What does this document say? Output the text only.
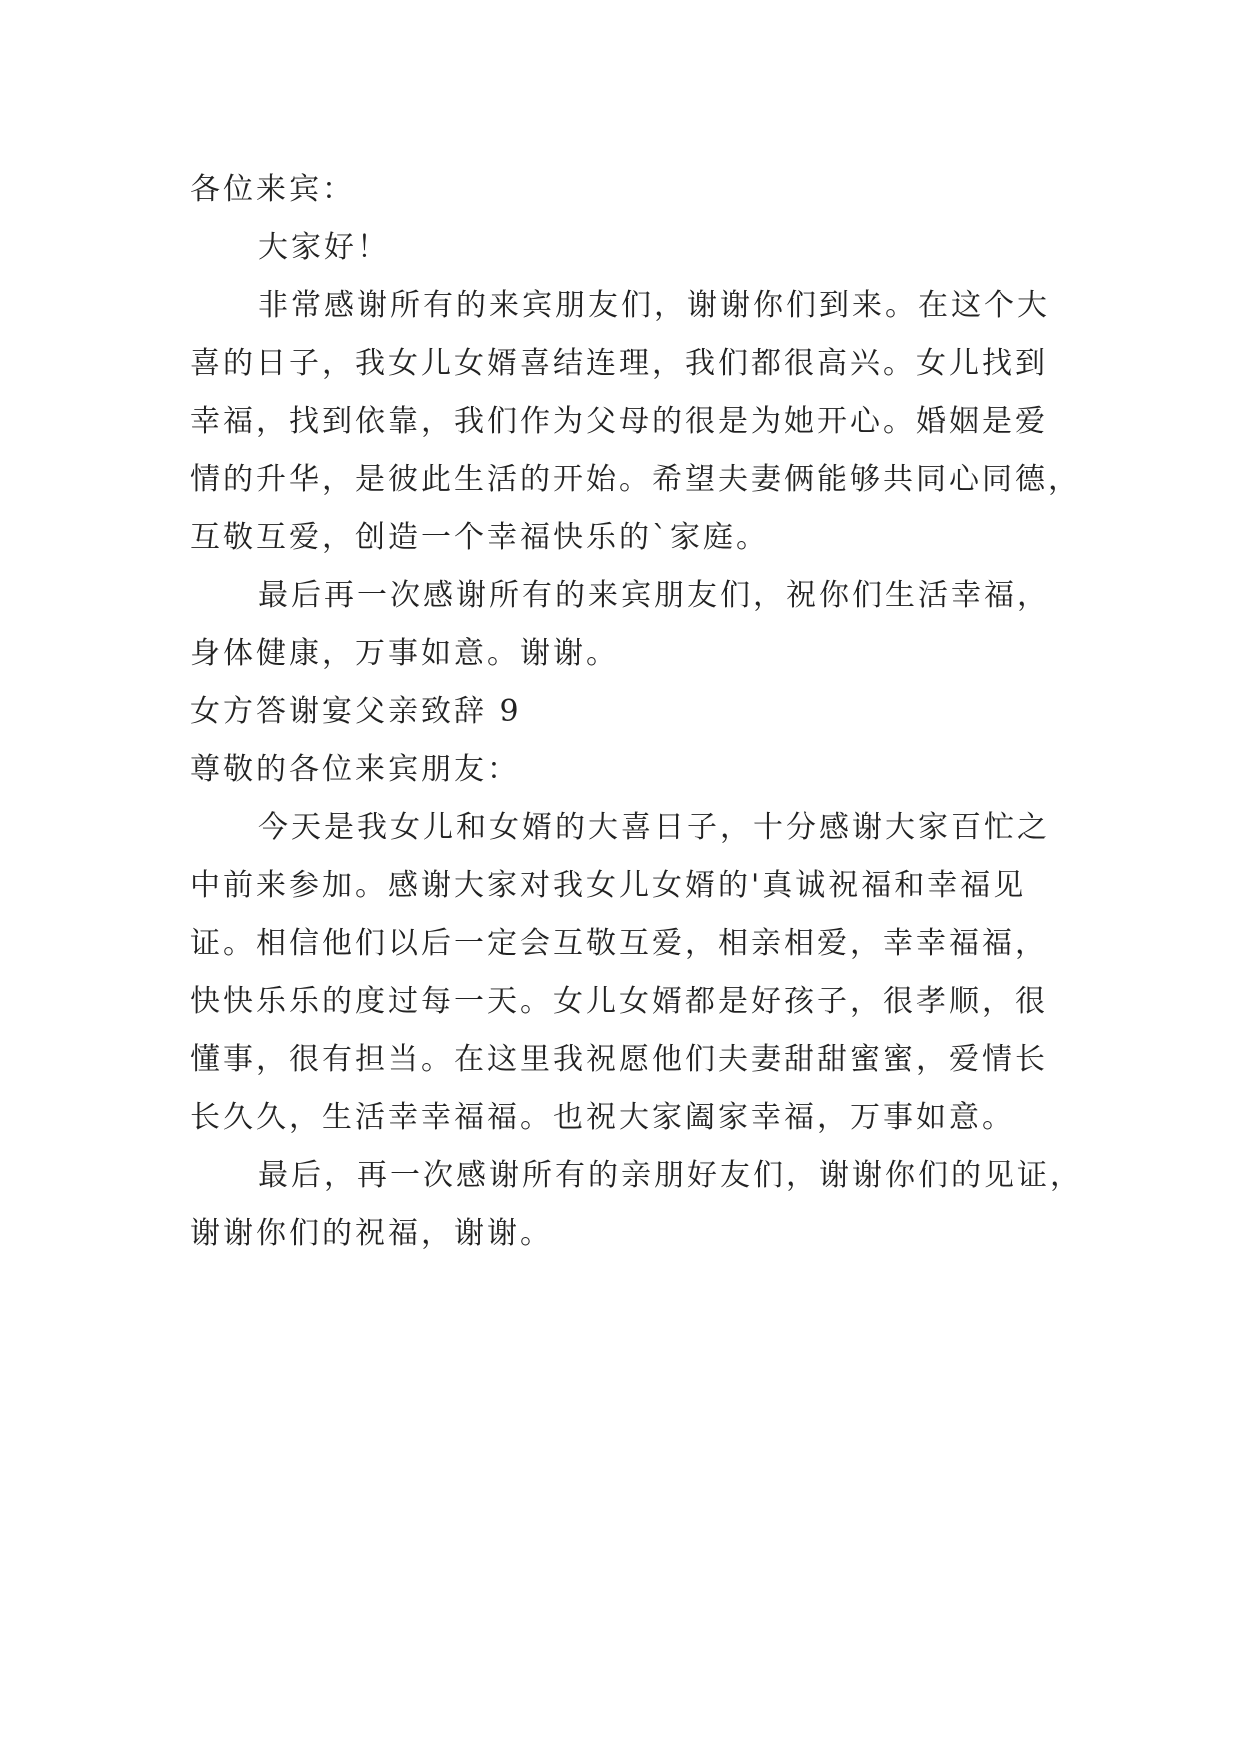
各位来宾：
大家好！
非常感谢所有的来宾朋友们，谢谢你们到来。在这个大
喜的日子，我女儿女婿喜结连理，我们都很高兴。女儿找到
幸福，找到依靠，我们作为父母的很是为她开心。婚姻是爱
情的升华，是彼此生活的开始。希望夫妻俩能够共同心同德，
互敬互爱，创造一个幸福快乐的`家庭。
最后再一次感谢所有的来宾朋友们，祝你们生活幸福，
身体健康，万事如意。谢谢。
女方答谢宴父亲致辞 9
尊敬的各位来宾朋友：
今天是我女儿和女婿的大喜日子，十分感谢大家百忙之
中前来参加。感谢大家对我女儿女婿的'真诚祝福和幸福见
证。相信他们以后一定会互敬互爱，相亲相爱，幸幸福福，
快快乐乐的度过每一天。女儿女婿都是好孩子，很孝顺，很
懂事，很有担当。在这里我祝愿他们夫妻甜甜蜜蜜，爱情长
长久久，生活幸幸福福。也祝大家阖家幸福，万事如意。
最后，再一次感谢所有的亲朋好友们，谢谢你们的见证，
谢谢你们的祝福，谢谢。
